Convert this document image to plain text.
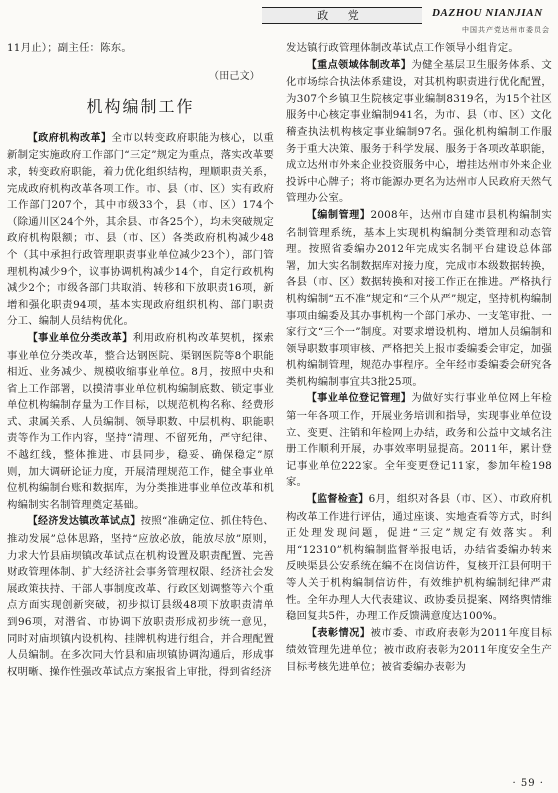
政 党	DAZHOU NIANJIAN
中国共产党达州市委员会

11月止）；副主任：陈东。

（田己文）
机构编制工作

【政府机构改革】全市以转变政府职能为核心，以重新制定实施政府工作部门“三定”规定为重点，落实改革要求，转变政府职能，着力优化组织结构，理顺职责关系，完成政府机构改革各项工作。市、县（市、区）实有政府工作部门207个，其中市级33个，县（市、区）174个（除通川区24个外，其余县、市各25个），均未突破规定政府机构限额；市、县（市、区）各类政府机构减少48个（其中承担行政管理职责事业单位减少23个），部门管理机构减少9个，议事协调机构减少14个，自定行政机构减少2个；市级各部门共取消、转移和下放职责16项，新增和强化职责94项，基本实现政府组织机构、部门职责分工、编制人员结构优化。

【事业单位分类改革】利用政府机构改革契机，探索事业单位分类改革，整合达钢医院、渠钢医院等8个职能相近、业务减少、规模收缩事业单位。8月，按照中央和省上工作部署，以摸清事业单位机构编制底数、锁定事业单位机构编制存量为工作目标，以规范机构名称、经费形式、隶属关系、人员编制、领导职数、中层机构、职能职责等作为工作内容，坚持“清理、不留死角，严守纪律、不越红线，整体推进、市县同步，稳妥、确保稳定”原则，加大调研论证力度，开展清理规范工作，健全事业单位机构编制台账和数据库，为分类推进事业单位改革和机构编制实名制管理奠定基础。

【经济发达镇改革试点】按照“准确定位、抓住特色、推动发展”总体思路，坚持“应放必放，能放尽放”原则，力求大竹县庙坝镇改革试点在机构设置及职责配置、完善财政管理体制、扩大经济社会事务管理权限、经济社会发展政策扶持、干部人事制度改革、行政区划调整等六个重点方面实现创新突破，初步拟订县级48项下放职责清单到96项，对潜省、市协调下放职责形成初步统一意见，同时对庙坝镇内设机构、挂牌机构进行组合，并合理配置人员编制。在多次同大竹县和庙坝镇协调沟通后，形成事权明晰、操作性强改革试点方案报省上审批，得到省经济

发达镇行政管理体制改革试点工作领导小组肯定。

【重点领域体制改革】为健全基层卫生服务体系、文化市场综合执法体系建设，对其机构职责进行优化配置，为307个乡镇卫生院核定事业编制8319名，为15个社区服务中心核定事业编制941名，为市、县（市、区）文化稽查执法机构核定事业编制97名。强化机构编制工作服务于重大决策、服务于科学发展、服务于各项改革职能，成立达州市外来企业投资服务中心，增挂达州市外来企业投诉中心牌子；将市能源办更名为达州市人民政府天然气管理办公室。

【编制管理】2008年，达州市自建市县机构编制实名制管理系统，基本上实现机构编制分类管理和动态管理。按照省委编办2012年完成实名制平台建设总体部署，加大实名制数据库对接力度，完成市本级数据转换，各县（市、区）数据转换和对接工作正在推进。严格执行机构编制“五不准”规定和“三个从严”规定，坚持机构编制事项由编委及其办事机构一个部门承办、一支笔审批、一家行文“三个一”制度。对要求增设机构、增加人员编制和领导职数事项审核、严格把关上报市委编委会审定，加强机构编制管理，规范办事程序。全年经市委编委会研究各类机构编制事宜共3批25项。

【事业单位登记管理】为做好实行事业单位网上年检第一年各项工作，开展业务培训和指导，实现事业单位设立、变更、注销和年检网上办结，政务和公益中文域名注册工作顺利开展，办事效率明显提高。2011年，累计登记事业单位222家。全年变更登记11家，参加年检198家。

【监督检查】6月，组织对各县（市、区）、市政府机构改革工作进行评估，通过座谈、实地查看等方式，时纠正处理发现问题，促进“三定”规定有效落实。利用“12310”机构编制监督举报电话，办结省委编办转来反映渠县公安系统在编不在岗信访件，复核开江县何明干等人关于机构编制信访件，有效维护机构编制纪律严肃性。全年办理人大代表建议、政协委员提案、网络舆情维稳回复共5件，办理工作反馈满意度达100%。

【表彰情况】被市委、市政府表彰为2011年度目标绩效管理先进单位；被市政府表彰为2011年度安全生产目标考核先进单位；被省委编办表彰为

· 59 ·
